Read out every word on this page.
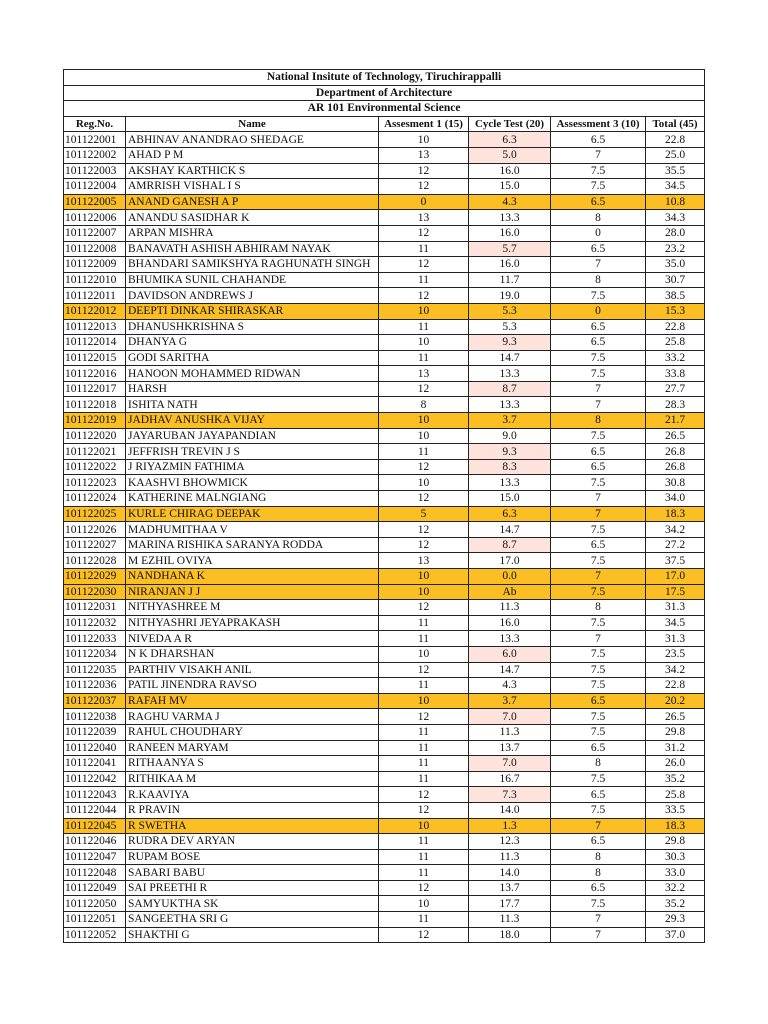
National Insitute of Technology, Tiruchirappalli					
Department of Architecture					
AR 101 Environmental Science					
Reg.No.	Name	Assesment 1 (15)	Cycle Test (20)	Assessment 3 (10)	Total (45)
101122001	ABHINAV ANANDRAO SHEDAGE	10	6.3	6.5	22.8
101122002	AHAD P M	13	5.0	7	25.0
101122003	AKSHAY KARTHICK S	12	16.0	7.5	35.5
101122004	AMRRISH VISHAL I S	12	15.0	7.5	34.5
101122005	ANAND GANESH A P	0	4.3	6.5	10.8
101122006	ANANDU SASIDHAR K	13	13.3	8	34.3
101122007	ARPAN MISHRA	12	16.0	0	28.0
101122008	BANAVATH ASHISH ABHIRAM NAYAK	11	5.7	6.5	23.2
101122009	BHANDARI SAMIKSHYA RAGHUNATH SINGH	12	16.0	7	35.0
101122010	BHUMIKA SUNIL CHAHANDE	11	11.7	8	30.7
101122011	DAVIDSON ANDREWS J	12	19.0	7.5	38.5
101122012	DEEPTI DINKAR SHIRASKAR	10	5.3	0	15.3
101122013	DHANUSHKRISHNA S	11	5.3	6.5	22.8
101122014	DHANYA G	10	9.3	6.5	25.8
101122015	GODI SARITHA	11	14.7	7.5	33.2
101122016	HANOON MOHAMMED RIDWAN	13	13.3	7.5	33.8
101122017	HARSH	12	8.7	7	27.7
101122018	ISHITA NATH	8	13.3	7	28.3
101122019	JADHAV ANUSHKA VIJAY	10	3.7	8	21.7
101122020	JAYARUBAN JAYAPANDIAN	10	9.0	7.5	26.5
101122021	JEFFRISH TREVIN J S	11	9.3	6.5	26.8
101122022	J RIYAZMIN FATHIMA	12	8.3	6.5	26.8
101122023	KAASHVI BHOWMICK	10	13.3	7.5	30.8
101122024	KATHERINE MALNGIANG	12	15.0	7	34.0
101122025	KURLE CHIRAG DEEPAK	5	6.3	7	18.3
101122026	MADHUMITHAA V	12	14.7	7.5	34.2
101122027	MARINA RISHIKA SARANYA RODDA	12	8.7	6.5	27.2
101122028	M EZHIL OVIYA	13	17.0	7.5	37.5
101122029	NANDHANA K	10	0.0	7	17.0
101122030	NIRANJAN J J	10	Ab	7.5	17.5
101122031	NITHYASHREE M	12	11.3	8	31.3
101122032	NITHYASHRI JEYAPRAKASH	11	16.0	7.5	34.5
101122033	NIVEDA A R	11	13.3	7	31.3
101122034	N K DHARSHAN	10	6.0	7.5	23.5
101122035	PARTHIV VISAKH ANIL	12	14.7	7.5	34.2
101122036	PATIL JINENDRA RAVSO	11	4.3	7.5	22.8
101122037	RAFAH MV	10	3.7	6.5	20.2
101122038	RAGHU VARMA J	12	7.0	7.5	26.5
101122039	RAHUL CHOUDHARY	11	11.3	7.5	29.8
101122040	RANEEN MARYAM	11	13.7	6.5	31.2
101122041	RITHAANYA S	11	7.0	8	26.0
101122042	RITHIKAA M	11	16.7	7.5	35.2
101122043	R.KAAVIYA	12	7.3	6.5	25.8
101122044	R PRAVIN	12	14.0	7.5	33.5
101122045	R SWETHA	10	1.3	7	18.3
101122046	RUDRA DEV ARYAN	11	12.3	6.5	29.8
101122047	RUPAM BOSE	11	11.3	8	30.3
101122048	SABARI BABU	11	14.0	8	33.0
101122049	SAI PREETHI R	12	13.7	6.5	32.2
101122050	SAMYUKTHA SK	10	17.7	7.5	35.2
101122051	SANGEETHA SRI G	11	11.3	7	29.3
101122052	SHAKTHI G	12	18.0	7	37.0
